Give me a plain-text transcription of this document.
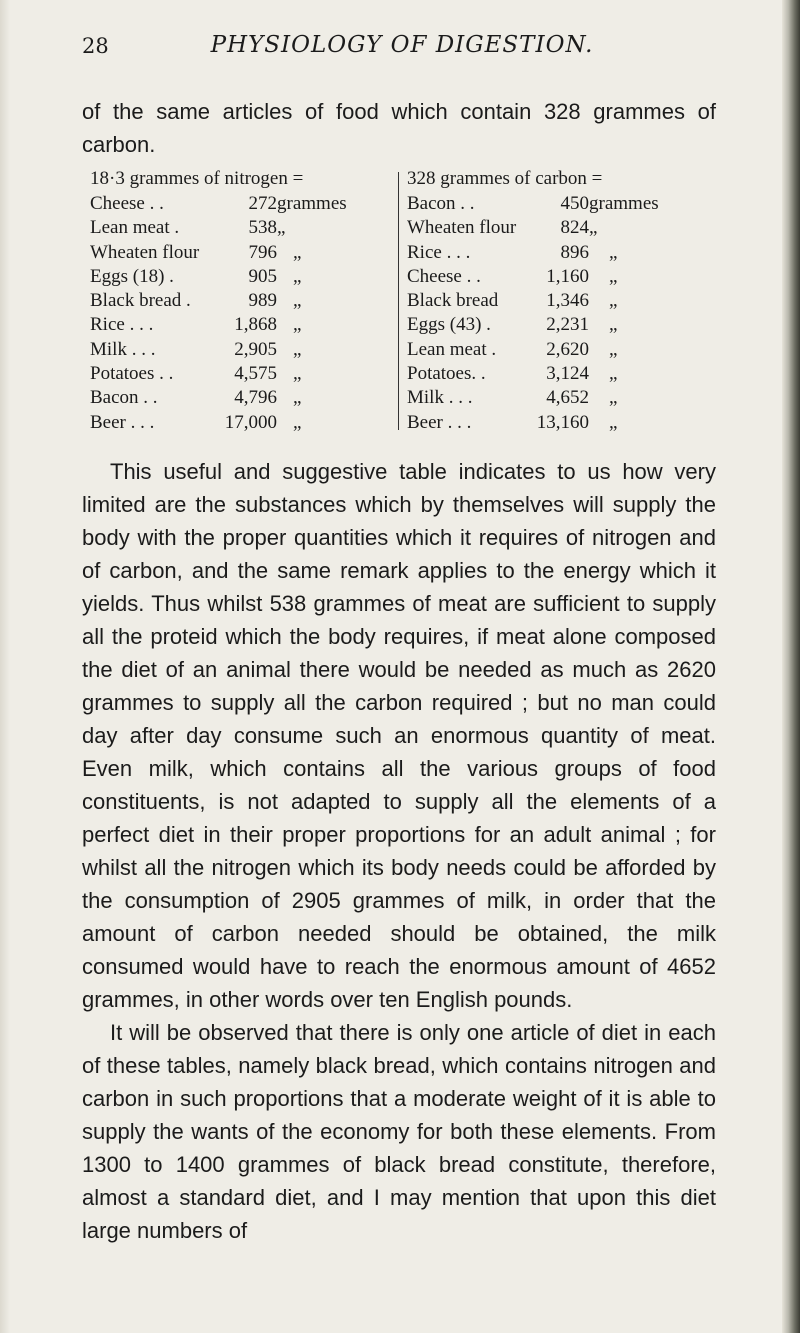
28	PHYSIOLOGY OF DIGESTION.
of the same articles of food which contain 328 grammes of carbon.
18·3 grammes of nitrogen =
Cheese . .	272 grammes
Lean meat .	538 „
Wheaten flour	796 „
Eggs (18) .	905 „
Black bread .	989 „
Rice . . .	1,868 „
Milk . . .	2,905 „
Potatoes . .	4,575 „
Bacon . .	4,796 „
Beer . . .	17,000 „
328 grammes of carbon =
Bacon . .	450 grammes
Wheaten flour	824 „
Rice . . .	896 „
Cheese . .	1,160 „
Black bread	1,346 „
Eggs (43) .	2,231 „
Lean meat .	2,620 „
Potatoes. .	3,124 „
Milk . . .	4,652 „
Beer . . .	13,160 „

This useful and suggestive table indicates to us how very limited are the substances which by themselves will supply the body with the proper quantities which it requires of nitrogen and of carbon, and the same remark applies to the energy which it yields. Thus whilst 538 grammes of meat are sufficient to supply all the proteid which the body requires, if meat alone composed the diet of an animal there would be needed as much as 2620 grammes to supply all the carbon required ; but no man could day after day consume such an enormous quantity of meat. Even milk, which contains all the various groups of food constituents, is not adapted to supply all the elements of a perfect diet in their proper proportions for an adult animal ; for whilst all the nitrogen which its body needs could be afforded by the consumption of 2905 grammes of milk, in order that the amount of carbon needed should be obtained, the milk consumed would have to reach the enormous amount of 4652 grammes, in other words over ten English pounds.

It will be observed that there is only one article of diet in each of these tables, namely black bread, which contains nitrogen and carbon in such proportions that a moderate weight of it is able to supply the wants of the economy for both these elements. From 1300 to 1400 grammes of black bread constitute, therefore, almost a standard diet, and I may mention that upon this diet large numbers of
